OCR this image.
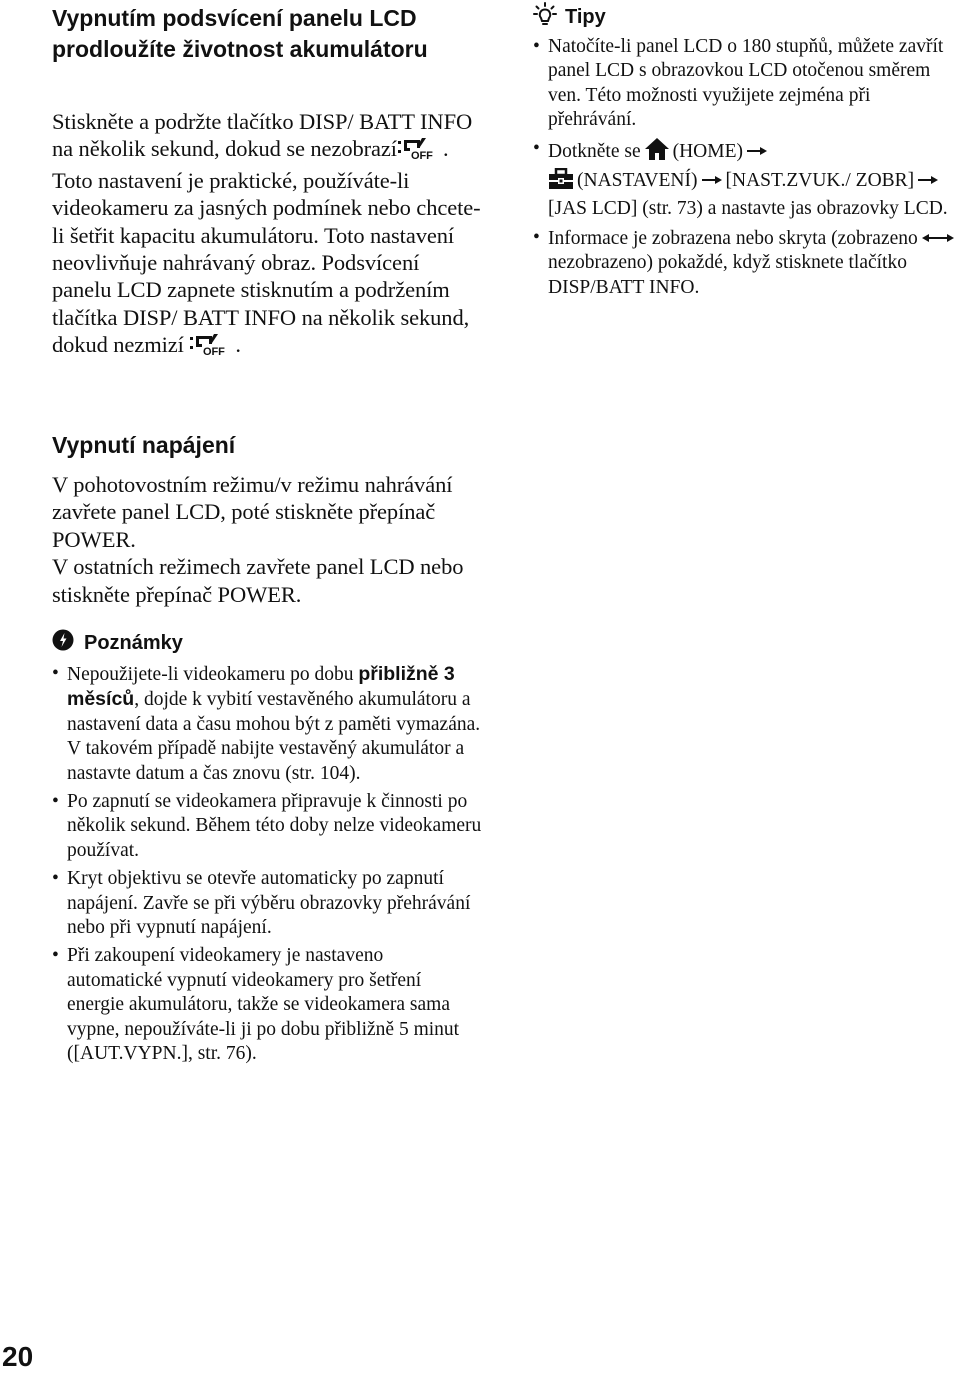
Vypnutím podsvícení panelu LCD prodloužíte životnost akumulátoru

Stiskněte a podržte tlačítko DISP/ BATT INFO na několik sekund, dokud se nezobrazí OFF . Toto nastavení je praktické, používáte-li videokameru za jasných podmínek nebo chcete-li šetřit kapacitu akumulátoru. Toto nastavení neovlivňuje nahrávaný obraz. Podsvícení panelu LCD zapnete stisknutím a podržením tlačítka DISP/ BATT INFO na několik sekund, dokud nezmizí OFF .

Vypnutí napájení

V pohotovostním režimu/v režimu nahrávání zavřete panel LCD, poté stiskněte přepínač POWER.

V ostatních režimech zavřete panel LCD nebo stiskněte přepínač POWER.

Poznámky
• Nepoužijete-li videokameru po dobu přibližně 3 měsíců, dojde k vybití vestavěného akumulátoru a nastavení data a času mohou být z paměti vymazána. V takovém případě nabijte vestavěný akumulátor a nastavte datum a čas znovu (str. 104).
• Po zapnutí se videokamera připravuje k činnosti po několik sekund. Během této doby nelze videokameru používat.
• Kryt objektivu se otevře automaticky po zapnutí napájení. Zavře se při výběru obrazovky přehrávání nebo při vypnutí napájení.
• Při zakoupení videokamery je nastaveno automatické vypnutí videokamery pro šetření energie akumulátoru, takže se videokamera sama vypne, nepoužíváte-li ji po dobu přibližně 5 minut ([AUT.VYPN.], str. 76).
Tipy
• Natočíte-li panel LCD o 180 stupňů, můžete zavřít panel LCD s obrazovkou LCD otočenou směrem ven. Této možnosti využijete zejména při přehrávání.
• Dotkněte se (HOME)
(NASTAVENÍ) [NAST.ZVUK./ ZOBR][JAS LCD] (str. 73) a nastavte jas obrazovky LCD.
• Informace je zobrazena nebo skryta (zobrazenonezobrazeno) pokaždé, když stisknete tlačítko DISP/BATT INFO.
20
